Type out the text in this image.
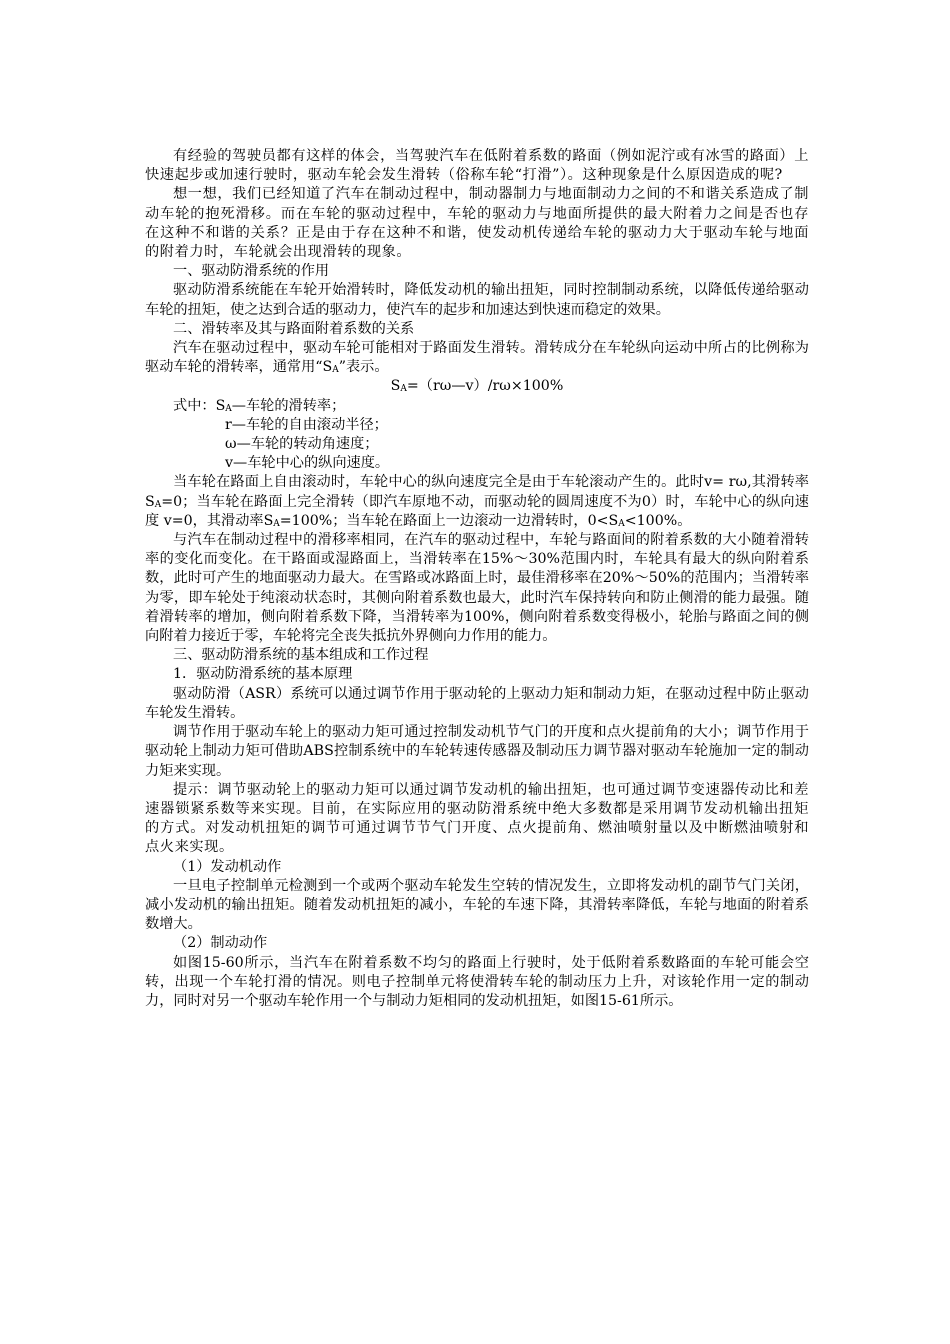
有经验的驾驶员都有这样的体会，当驾驶汽车在低附着系数的路面（例如泥泞或有冰雪的路面）上快速起步或加速行驶时，驱动车轮会发生滑转（俗称车轮“打滑”）。这种现象是什么原因造成的呢?

想一想，我们已经知道了汽车在制动过程中，制动器制力与地面制动力之间的不和谐关系造成了制动车轮的抱死滑移。而在车轮的驱动过程中，车轮的驱动力与地面所提供的最大附着力之间是否也存在这种不和谐的关系？正是由于存在这种不和谐，使发动机传递给车轮的驱动力大于驱动车轮与地面的附着力时，车轮就会出现滑转的现象。

一、驱动防滑系统的作用

驱动防滑系统能在车轮开始滑转时，降低发动机的输出扭矩，同时控制制动系统，以降低传递给驱动车轮的扭矩，使之达到合适的驱动力，使汽车的起步和加速达到快速而稳定的效果。

二、滑转率及其与路面附着系数的关系

汽车在驱动过程中，驱动车轮可能相对于路面发生滑转。滑转成分在车轮纵向运动中所占的比例称为驱动车轮的滑转率，通常用“$S_A$”表示。

$S_A=(r\omega—v)/r\omega\times 100\%$

式中：$S_A—$车轮的滑转率；

r—车轮的自由滚动半径；

ω—车轮的转动角速度；

v—车轮中心的纵向速度。

当车轮在路面上自由滚动时，车轮中心的纵向速度完全是由于车轮滚动产生的。此时v= rω,其滑转率$S_A=0$；当车轮在路面上完全滑转（即汽车原地不动，而驱动轮的圆周速度不为0）时，车轮中心的纵向速度 v=0，其滑动率$S_A=100\%$；当车轮在路面上一边滚动一边滑转时，$0<S_A<100\%$。

与汽车在制动过程中的滑移率相同，在汽车的驱动过程中，车轮与路面间的附着系数的大小随着滑转率的变化而变化。在干路面或湿路面上，当滑转率在15%～30%范围内时，车轮具有最大的纵向附着系数，此时可产生的地面驱动力最大。在雪路或冰路面上时，最佳滑移率在20%～50%的范围内；当滑转率为零，即车轮处于纯滚动状态时，其侧向附着系数也最大，此时汽车保持转向和防止侧滑的能力最强。随着滑转率的增加，侧向附着系数下降，当滑转率为100%，侧向附着系数变得极小，轮胎与路面之间的侧向附着力接近于零，车轮将完全丧失抵抗外界侧向力作用的能力。

三、驱动防滑系统的基本组成和工作过程

1．驱动防滑系统的基本原理

驱动防滑（ASR）系统可以通过调节作用于驱动轮的上驱动力矩和制动力矩，在驱动过程中防止驱动车轮发生滑转。

调节作用于驱动车轮上的驱动力矩可通过控制发动机节气门的开度和点火提前角的大小；调节作用于驱动轮上制动力矩可借助ABS控制系统中的车轮转速传感器及制动压力调节器对驱动车轮施加一定的制动力矩来实现。

提示：调节驱动轮上的驱动力矩可以通过调节发动机的输出扭矩，也可通过调节变速器传动比和差速器锁紧系数等来实现。目前，在实际应用的驱动防滑系统中绝大多数都是采用调节发动机输出扭矩的方式。对发动机扭矩的调节可通过调节节气门开度、点火提前角、燃油喷射量以及中断燃油喷射和点火来实现。

（1）发动机动作

一旦电子控制单元检测到一个或两个驱动车轮发生空转的情况发生，立即将发动机的副节气门关闭，减小发动机的输出扭矩。随着发动机扭矩的减小，车轮的车速下降，其滑转率降低，车轮与地面的附着系数增大。

（2）制动动作

如图15-60所示，当汽车在附着系数不均匀的路面上行驶时，处于低附着系数路面的车轮可能会空转，出现一个车轮打滑的情况。则电子控制单元将使滑转车轮的制动压力上升，对该轮作用一定的制动力，同时对另一个驱动车轮作用一个与制动力矩相同的发动机扭矩，如图15-61所示。
